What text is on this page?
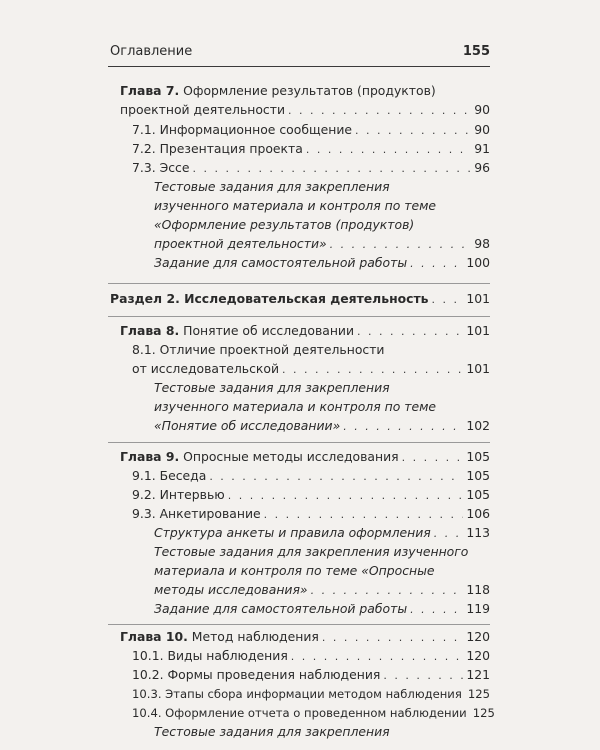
Оглавление	155
Глава 7. Оформление результатов (продуктов)
проектной деятельности . . .	90
7.1. Информационное сообщение . . .	90
7.2. Презентация проекта . . .	91
7.3. Эссе . . .	96
Тестовые задания для закрепления
изученного материала и контроля по теме
«Оформление результатов (продуктов)
проектной деятельности» . . .	98
Задание для самостоятельной работы . . .	100
Раздел 2. Исследовательская деятельность . . .	101
Глава 8. Понятие об исследовании . . .	101
8.1. Отличие проектной деятельности
от исследовательской . . .	101
Тестовые задания для закрепления
изученного материала и контроля по теме
«Понятие об исследовании» . . .	102
Глава 9. Опросные методы исследования . . .	105
9.1. Беседа . . .	105
9.2. Интервью . . .	105
9.3. Анкетирование . . .	106
Структура анкеты и правила оформления . . .	113
Тестовые задания для закрепления изученного
материала и контроля по теме «Опросные
методы исследования» . . .	118
Задание для самостоятельной работы . . .	119
Глава 10. Метод наблюдения . . .	120
10.1. Виды наблюдения . . .	120
10.2. Формы проведения наблюдения . . .	121
10.3. Этапы сбора информации методом наблюдения . . . 125
10.4. Оформление отчета о проведенном наблюдении 125
Тестовые задания для закрепления
